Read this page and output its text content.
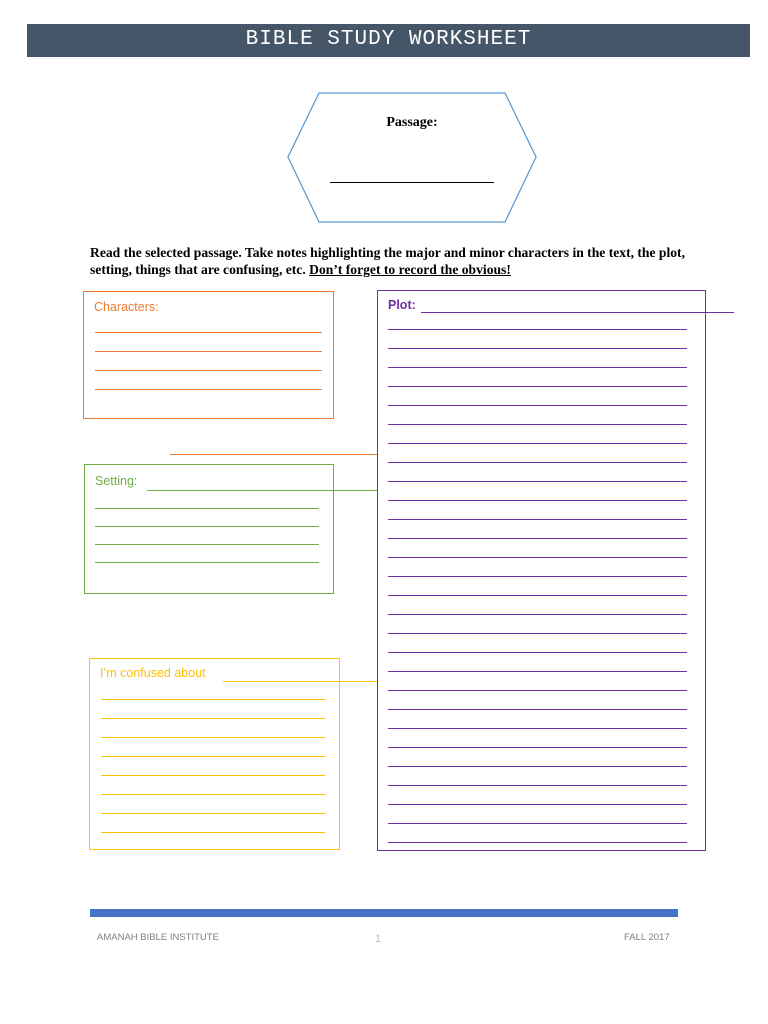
BIBLE STUDY WORKSHEET
Passage:
Read the selected passage. Take notes highlighting the major and minor characters in the text, the plot, setting, things that are confusing, etc. Don’t forget to record the obvious!
Characters:
Setting:
I’m confused about
Plot:
AMANAH BIBLE INSTITUTE	1	FALL 2017
